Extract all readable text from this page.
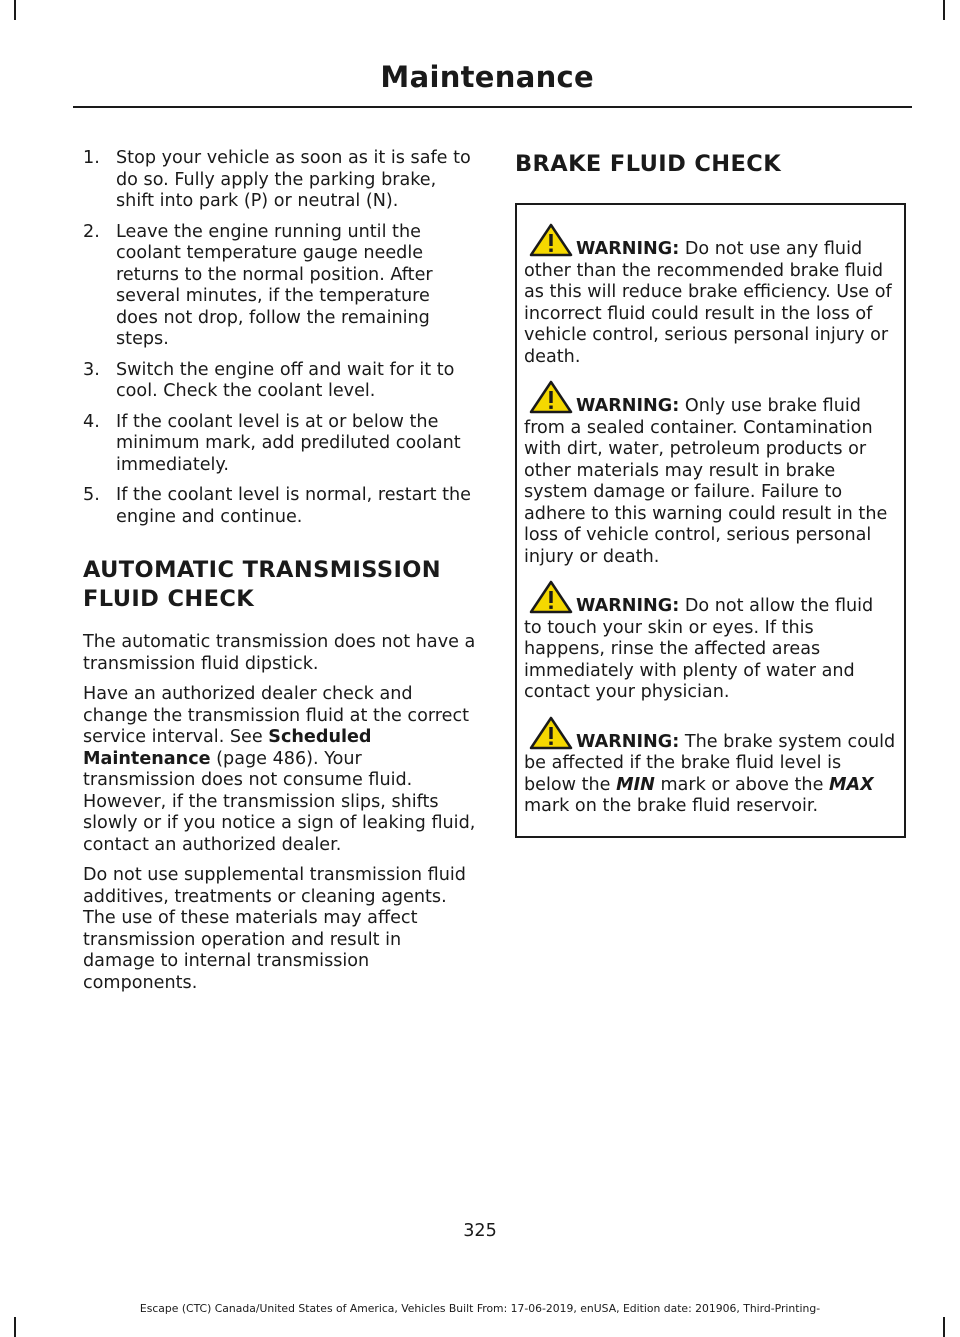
Maintenance
1. Stop your vehicle as soon as it is safe to do so. Fully apply the parking brake, shift into park (P) or neutral (N).
2. Leave the engine running until the coolant temperature gauge needle returns to the normal position. After several minutes, if the temperature does not drop, follow the remaining steps.
3. Switch the engine off and wait for it to cool. Check the coolant level.
4. If the coolant level is at or below the minimum mark, add prediluted coolant immediately.
5. If the coolant level is normal, restart the engine and continue.
AUTOMATIC TRANSMISSION
FLUID CHECK

The automatic transmission does not have a transmission fluid dipstick.

Have an authorized dealer check and change the transmission fluid at the correct service interval. See Scheduled Maintenance (page 486). Your transmission does not consume fluid. However, if the transmission slips, shifts slowly or if you notice a sign of leaking fluid, contact an authorized dealer.

Do not use supplemental transmission fluid additives, treatments or cleaning agents. The use of these materials may affect transmission operation and result in damage to internal transmission components.

BRAKE FLUID CHECK

WARNING: Do not use any fluid other than the recommended brake fluid as this will reduce brake efficiency. Use of incorrect fluid could result in the loss of vehicle control, serious personal injury or death.

WARNING: Only use brake fluid from a sealed container. Contamination with dirt, water, petroleum products or other materials may result in brake system damage or failure. Failure to adhere to this warning could result in the loss of vehicle control, serious personal injury or death.

WARNING: Do not allow the fluid to touch your skin or eyes. If this happens, rinse the affected areas immediately with plenty of water and contact your physician.

WARNING: The brake system could be affected if the brake fluid level is below the MIN mark or above the MAX mark on the brake fluid reservoir.

325
Escape (CTC) Canada/United States of America, Vehicles Built From: 17-06-2019, enUSA, Edition date: 201906, Third-Printing-
